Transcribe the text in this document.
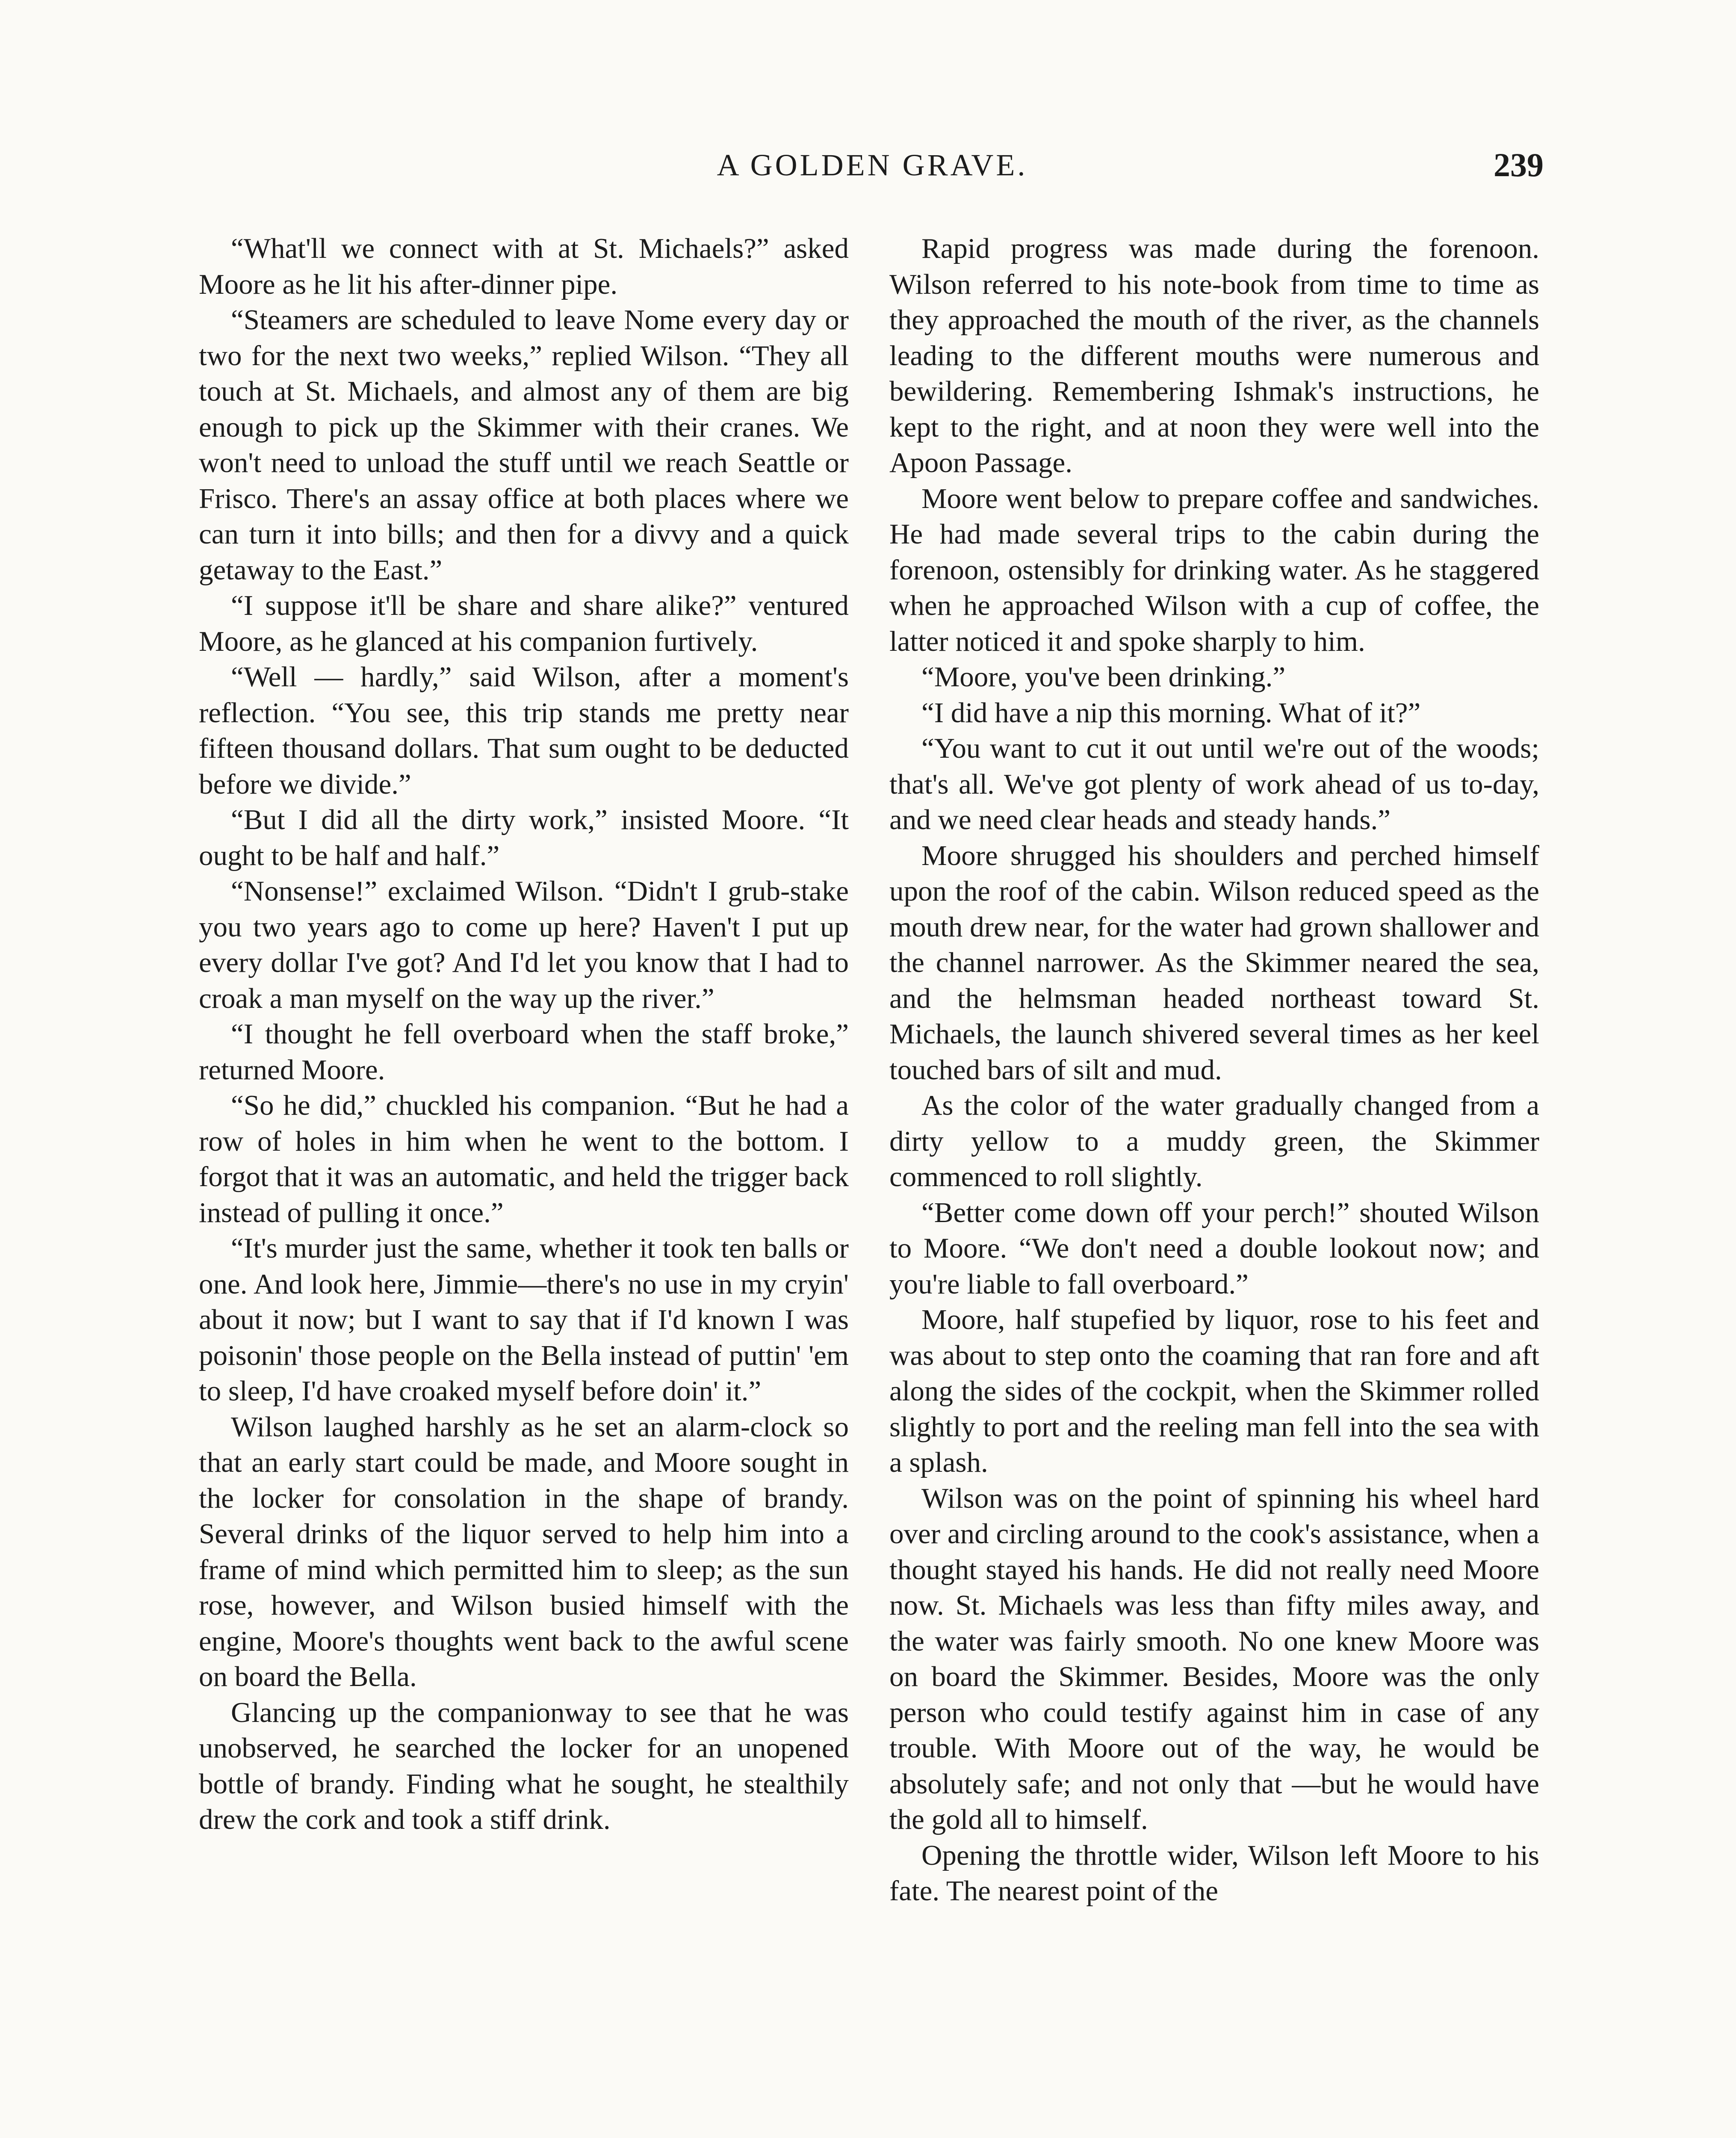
A GOLDEN GRAVE.	239

“What'll we connect with at St. Michaels?” asked Moore as he lit his after-dinner pipe.

“Steamers are scheduled to leave Nome every day or two for the next two weeks,” replied Wilson. “They all touch at St. Michaels, and almost any of them are big enough to pick up the Skimmer with their cranes. We won't need to unload the stuff until we reach Seattle or Frisco. There's an assay office at both places where we can turn it into bills; and then for a divvy and a quick getaway to the East.”

“I suppose it'll be share and share alike?” ventured Moore, as he glanced at his companion furtively.

“Well — hardly,” said Wilson, after a moment's reflection. “You see, this trip stands me pretty near fifteen thousand dollars. That sum ought to be deducted before we divide.”

“But I did all the dirty work,” insisted Moore. “It ought to be half and half.”

“Nonsense!” exclaimed Wilson. “Didn't I grub-stake you two years ago to come up here? Haven't I put up every dollar I've got? And I'd let you know that I had to croak a man myself on the way up the river.”

“I thought he fell overboard when the staff broke,” returned Moore.

“So he did,” chuckled his companion. “But he had a row of holes in him when he went to the bottom. I forgot that it was an automatic, and held the trigger back instead of pulling it once.”

“It's murder just the same, whether it took ten balls or one. And look here, Jimmie—there's no use in my cryin' about it now; but I want to say that if I'd known I was poisonin' those people on the Bella instead of puttin' 'em to sleep, I'd have croaked myself before doin' it.”

Wilson laughed harshly as he set an alarm-clock so that an early start could be made, and Moore sought in the locker for consolation in the shape of brandy. Several drinks of the liquor served to help him into a frame of mind which permitted him to sleep; as the sun rose, however, and Wilson busied himself with the engine, Moore's thoughts went back to the awful scene on board the Bella.

Glancing up the companionway to see that he was unobserved, he searched the locker for an unopened bottle of brandy. Finding what he sought, he stealthily drew the cork and took a stiff drink.

Rapid progress was made during the forenoon. Wilson referred to his note-book from time to time as they approached the mouth of the river, as the channels leading to the different mouths were numerous and bewildering. Remembering Ishmak's instructions, he kept to the right, and at noon they were well into the Apoon Passage.

Moore went below to prepare coffee and sandwiches. He had made several trips to the cabin during the forenoon, ostensibly for drinking water. As he staggered when he approached Wilson with a cup of coffee, the latter noticed it and spoke sharply to him.

“Moore, you've been drinking.”

“I did have a nip this morning. What of it?”

“You want to cut it out until we're out of the woods; that's all. We've got plenty of work ahead of us to-day, and we need clear heads and steady hands.”

Moore shrugged his shoulders and perched himself upon the roof of the cabin. Wilson reduced speed as the mouth drew near, for the water had grown shallower and the channel narrower. As the Skimmer neared the sea, and the helmsman headed northeast toward St. Michaels, the launch shivered several times as her keel touched bars of silt and mud.

As the color of the water gradually changed from a dirty yellow to a muddy green, the Skimmer commenced to roll slightly.

“Better come down off your perch!” shouted Wilson to Moore. “We don't need a double lookout now; and you're liable to fall overboard.”

Moore, half stupefied by liquor, rose to his feet and was about to step onto the coaming that ran fore and aft along the sides of the cockpit, when the Skimmer rolled slightly to port and the reeling man fell into the sea with a splash.

Wilson was on the point of spinning his wheel hard over and circling around to the cook's assistance, when a thought stayed his hands. He did not really need Moore now. St. Michaels was less than fifty miles away, and the water was fairly smooth. No one knew Moore was on board the Skimmer. Besides, Moore was the only person who could testify against him in case of any trouble. With Moore out of the way, he would be absolutely safe; and not only that —but he would have the gold all to himself.

Opening the throttle wider, Wilson left Moore to his fate. The nearest point of the
